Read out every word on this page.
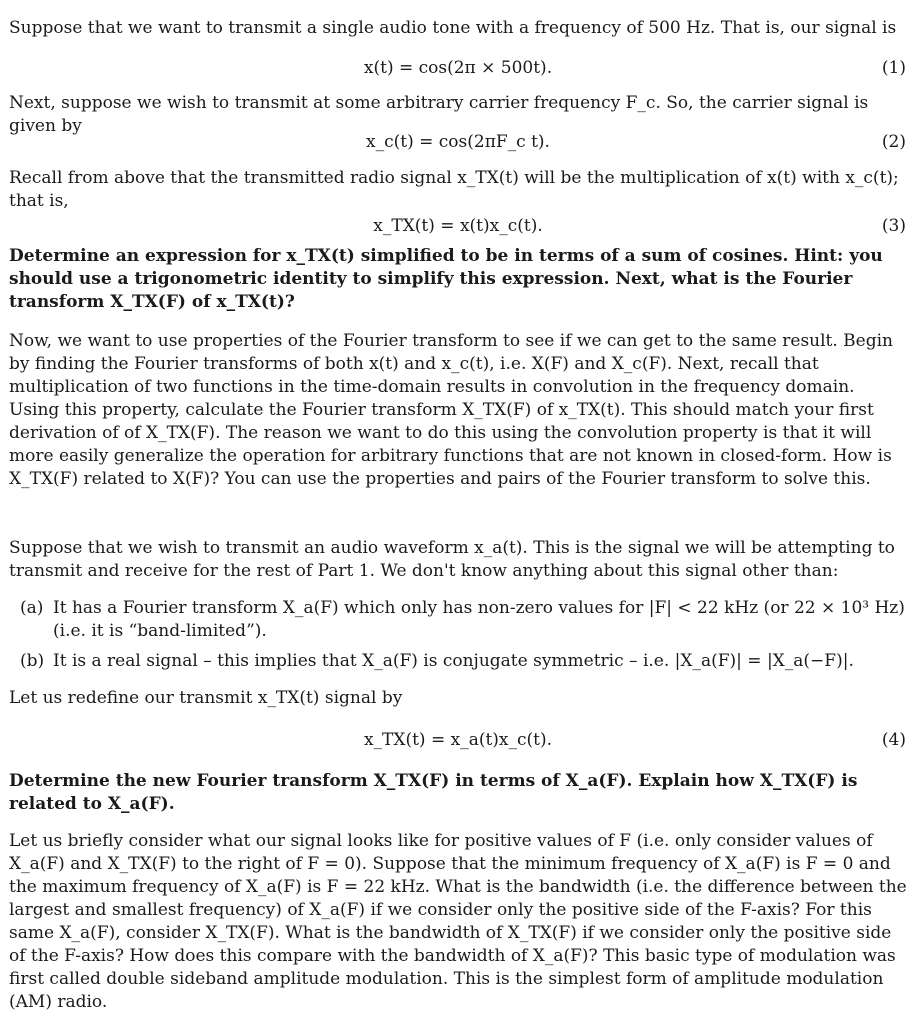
Suppose that we want to transmit a single audio tone with a frequency of 500 Hz. That is, our signal is
x(t) = cos(2π × 500t).	(1)
Next, suppose we wish to transmit at some arbitrary carrier frequency F_c. So, the carrier signal is given by
x_c(t) = cos(2πF_c t).	(2)
Recall from above that the transmitted radio signal x_TX(t) will be the multiplication of x(t) with x_c(t); that is,
x_TX(t) = x(t)x_c(t).	(3)
Determine an expression for x_TX(t) simplified to be in terms of a sum of cosines. Hint: you should use a trigonometric identity to simplify this expression. Next, what is the Fourier transform X_TX(F) of x_TX(t)?
Now, we want to use properties of the Fourier transform to see if we can get to the same result. Begin by finding the Fourier transforms of both x(t) and x_c(t), i.e. X(F) and X_c(F). Next, recall that multiplication of two functions in the time-domain results in convolution in the frequency domain. Using this property, calculate the Fourier transform X_TX(F) of x_TX(t). This should match your first derivation of of X_TX(F). The reason we want to do this using the convolution property is that it will more easily generalize the operation for arbitrary functions that are not known in closed-form. How is X_TX(F) related to X(F)? You can use the properties and pairs of the Fourier transform to solve this.
Suppose that we wish to transmit an audio waveform x_a(t). This is the signal we will be attempting to transmit and receive for the rest of Part 1. We don't know anything about this signal other than:
(a) It has a Fourier transform X_a(F) which only has non-zero values for |F| < 22 kHz (or 22 × 10³ Hz) (i.e. it is “band-limited”).
(b) It is a real signal – this implies that X_a(F) is conjugate symmetric – i.e. |X_a(F)| = |X_a(−F)|.
Let us redefine our transmit x_TX(t) signal by
x_TX(t) = x_a(t)x_c(t).	(4)
Determine the new Fourier transform X_TX(F) in terms of X_a(F). Explain how X_TX(F) is related to X_a(F).
Let us briefly consider what our signal looks like for positive values of F (i.e. only consider values of X_a(F) and X_TX(F) to the right of F = 0). Suppose that the minimum frequency of X_a(F) is F = 0 and the maximum frequency of X_a(F) is F = 22 kHz. What is the bandwidth (i.e. the difference between the largest and smallest frequency) of X_a(F) if we consider only the positive side of the F-axis? For this same X_a(F), consider X_TX(F). What is the bandwidth of X_TX(F) if we consider only the positive side of the F-axis? How does this compare with the bandwidth of X_a(F)? This basic type of modulation was first called double sideband amplitude modulation. This is the simplest form of amplitude modulation (AM) radio.
